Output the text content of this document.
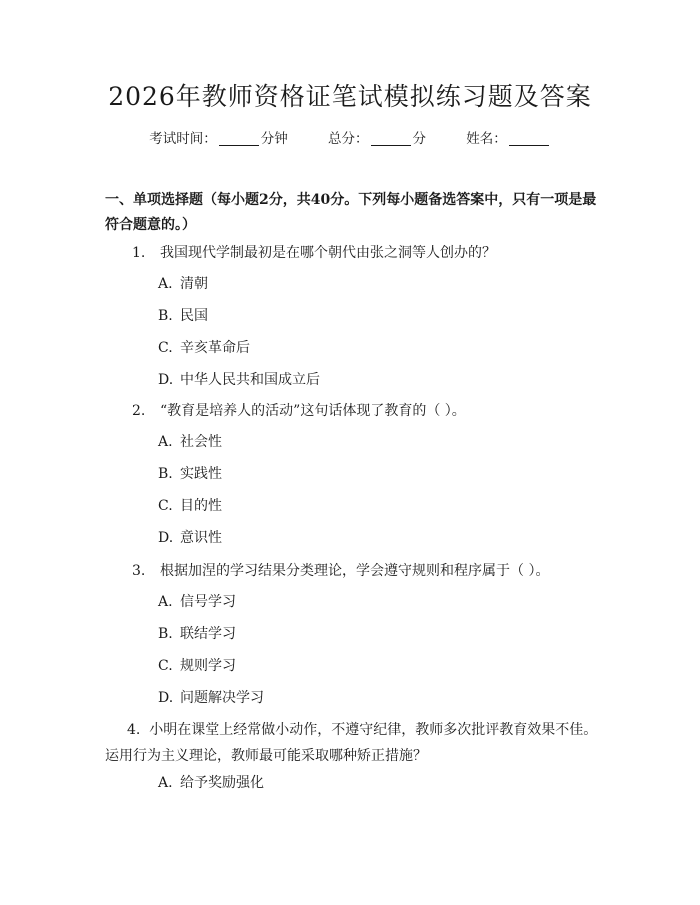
2026年教师资格证笔试模拟练习题及答案
考试时间：	分钟	总分：	分	姓名：
一、单项选择题（每小题2分，共40分。下列每小题备选答案中，只有一项是最符合题意的。）
1. 我国现代学制最初是在哪个朝代由张之洞等人创办的？
A. 清朝
B. 民国
C. 辛亥革命后
D. 中华人民共和国成立后
2. “教育是培养人的活动”这句话体现了教育的（ ）。
A. 社会性
B. 实践性
C. 目的性
D. 意识性
3. 根据加涅的学习结果分类理论，学会遵守规则和程序属于（ ）。
A. 信号学习
B. 联结学习
C. 规则学习
D. 问题解决学习
4. 小明在课堂上经常做小动作，不遵守纪律，教师多次批评教育效果不佳。运用行为主义理论，教师最可能采取哪种矫正措施？
A. 给予奖励强化
